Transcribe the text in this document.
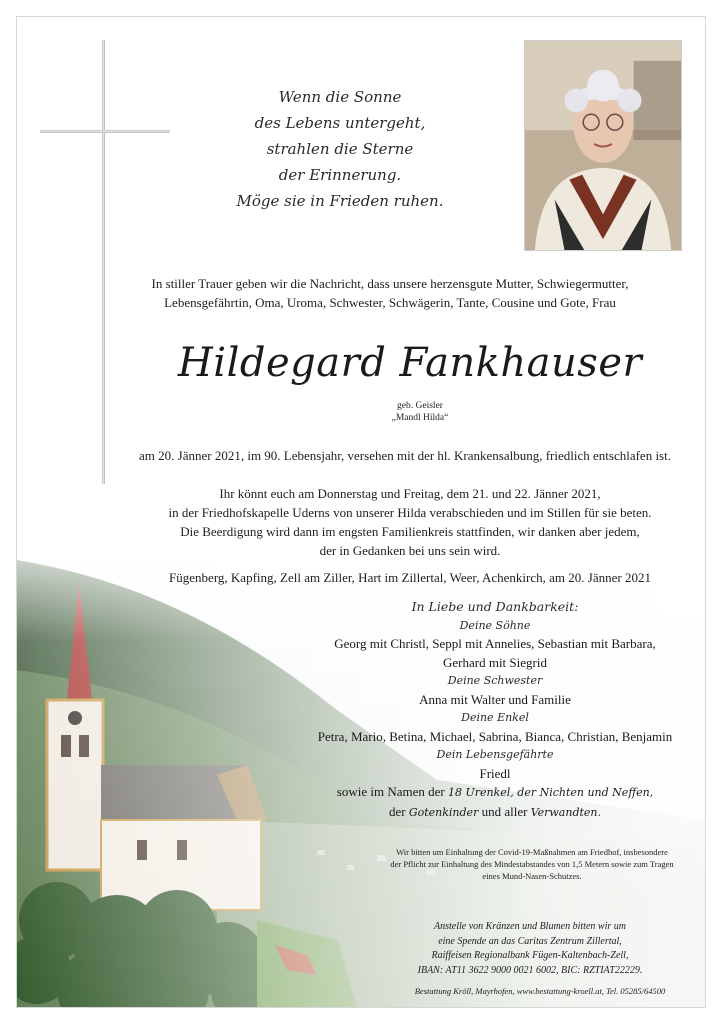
Wenn die Sonne
des Lebens untergeht,
strahlen die Sterne
der Erinnerung.
Möge sie in Frieden ruhen.
In stiller Trauer geben wir die Nachricht, dass unsere herzensgute Mutter, Schwiegermutter,
Lebensgefährtin, Oma, Uroma, Schwester, Schwägerin, Tante, Cousine und Gote, Frau
Hildegard Fankhauser
geb. Geisler
„Mandl Hilda“
am 20. Jänner 2021, im 90. Lebensjahr, versehen mit der hl. Krankensalbung, friedlich entschlafen ist.
Ihr könnt euch am Donnerstag und Freitag, dem 21. und 22. Jänner 2021,
in der Friedhofskapelle Uderns von unserer Hilda verabschieden und im Stillen für sie beten.
Die Beerdigung wird dann im engsten Familienkreis stattfinden, wir danken aber jedem,
der in Gedanken bei uns sein wird.
Fügenberg, Kapfing, Zell am Ziller, Hart im Zillertal, Weer, Achenkirch, am 20. Jänner 2021
In Liebe und Dankbarkeit:
Deine Söhne
Georg mit Christl, Seppl mit Annelies, Sebastian mit Barbara,
Gerhard mit Siegrid
Deine Schwester
Anna mit Walter und Familie
Deine Enkel
Petra, Mario, Betina, Michael, Sabrina, Bianca, Christian, Benjamin
Dein Lebensgefährte
Friedl
sowie im Namen der 18 Urenkel, der Nichten und Neffen,
der Gotenkinder und aller Verwandten.
Wir bitten um Einhaltung der Covid-19-Maßnahmen am Friedhof, insbesondere
der Pflicht zur Einhaltung des Mindestabstandes von 1,5 Metern sowie zum Tragen
eines Mund-Nasen-Schutzes.
Anstelle von Kränzen und Blumen bitten wir um
eine Spende an das Caritas Zentrum Zillertal,
Raiffeisen Regionalbank Fügen-Kaltenbach-Zell,
IBAN: AT11 3622 9000 0021 6002, BIC: RZTIAT22229.
Bestattung Kröll, Mayrhofen, www.bestattung-kroell.at, Tel. 05285/64500
